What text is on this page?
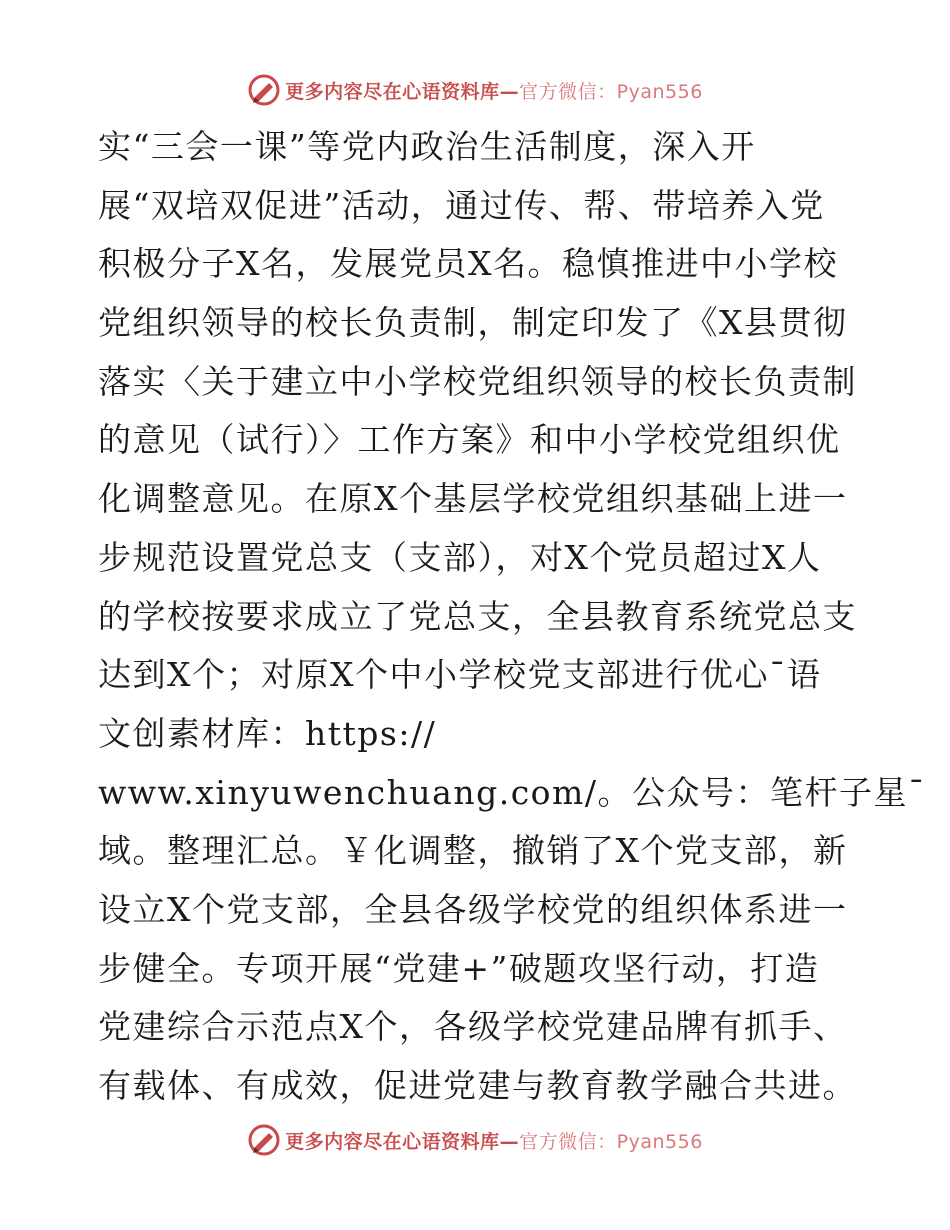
更多内容尽在心语资料库—官方微信：Pyan556
实“三会一课”等党内政治生活制度，深入开
展“双培双促进”活动，通过传、帮、带培养入党
积极分子X名，发展党员X名。稳慎推进中小学校
党组织领导的校长负责制，制定印发了《X县贯彻
落实〈关于建立中小学校党组织领导的校长负责制
的意见（试行）〉工作方案》和中小学校党组织优
化调整意见。在原X个基层学校党组织基础上进一
步规范设置党总支（支部），对X个党员超过X人
的学校按要求成立了党总支，全县教育系统党总支
达到X个；对原X个中小学校党支部进行优心¯语
文创素材库：https://
www.xinyuwenchuang.com/。公众号：笔杆子星¯
域。整理汇总。￥化调整，撤销了X个党支部，新
设立X个党支部，全县各级学校党的组织体系进一
步健全。专项开展“党建+”破题攻坚行动，打造
党建综合示范点X个，各级学校党建品牌有抓手、
有载体、有成效，促进党建与教育教学融合共进。
更多内容尽在心语资料库—官方微信：Pyan556
